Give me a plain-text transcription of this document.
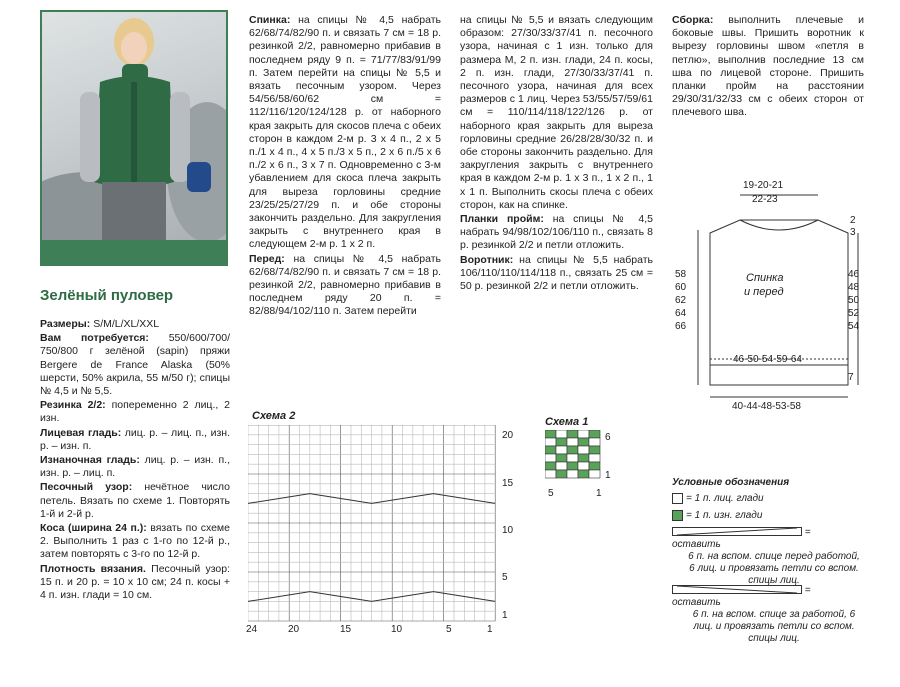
Зелёный пуловер

Размеры: S/M/L/XL/XXL

Вам потребуется: 550/600/700/ 750/800 г зелёной (sapin) пряжи Bergere de France Alaska (50% шерсти, 50% акрила, 55 м/50 г); спицы № 4,5 и № 5,5.

Резинка 2/2: попеременно 2 лиц., 2 изн.

Лицевая гладь: лиц. р. – лиц. п., изн. р. – изн. п.

Изнаночная гладь: лиц. р. – изн. п., изн. р. – лиц. п.

Песочный узор: нечётное число петель. Вязать по схеме 1. Повторять 1-й и 2-й р.

Коса (ширина 24 п.): вязать по схеме 2. Выполнить 1 раз с 1-го по 12-й р., затем повторять с 3-го по 12-й р.

Плотность вязания. Песочный узор: 15 п. и 20 р. = 10 х 10 см; 24 п. косы + 4 п. изн. глади = 10 см.

Спинка: на спицы № 4,5 набрать 62/68/74/82/90 п. и связать 7 см = 18 р. резинкой 2/2, равномерно прибавив в последнем ряду 9 п. = 71/77/83/91/99 п. Затем перейти на спицы № 5,5 и вязать песочным узором. Через 54/56/58/60/62 см = 112/116/120/124/128 р. от наборного края закрыть для скосов плеча с обеих сторон в каждом 2-м р. 3 х 4 п., 2 х 5 п./1 х 4 п., 4 х 5 п./3 х 5 п., 2 х 6 п./5 х 6 п./2 х 6 п., 3 х 7 п. Одновременно с 3-м убавлением для скоса плеча закрыть для выреза горловины средние 23/25/25/27/29 п. и обе стороны закончить раздельно. Для закругления закрыть с внутреннего края в следующем 2-м р. 1 х 2 п.

Перед: на спицы № 4,5 набрать 62/68/74/82/90 п. и связать 7 см = 18 р. резинкой 2/2, равномерно прибавив в последнем ряду 20 п. = 82/88/94/102/110 п. Затем перейти

на спицы № 5,5 и вязать следующим образом: 27/30/33/37/41 п. песочного узора, начиная с 1 изн. только для размера M, 2 п. изн. глади, 24 п. косы, 2 п. изн. глади, 27/30/33/37/41 п. песочного узора, начиная для всех размеров с 1 лиц. Через 53/55/57/59/61 см = 110/114/118/122/126 р. от наборного края закрыть для выреза горловины средние 26/28/28/30/32 п. и обе стороны закончить раздельно. Для закругления закрыть с внутреннего края в каждом 2-м р. 1 х 3 п., 1 х 2 п., 1 х 1 п. Выполнить скосы плеча с обеих сторон, как на спинке.

Планки пройм: на спицы № 4,5 набрать 94/98/102/106/110 п., связать 8 р. резинкой 2/2 и петли отложить.

Воротник: на спицы № 5,5 набрать 106/110/110/114/118 п., связать 25 см = 50 р. резинкой 2/2 и петли отложить.

Сборка: выполнить плечевые и боковые швы. Пришить воротник к вырезу горловины швом «петля в петлю», выполнив последние 13 см шва по лицевой стороне. Пришить планки пройм на расстоянии 29/30/31/32/33 см с обеих сторон от плечевого шва.

19-20-21
22-23
2
3
Спинка
и перед
58
60
62
64
66
46
48
50
52
54
7
46-50-54-59-64
40-44-48-53-58
Схема 2
24	20	15	10	5	1
20
15
10
5
1
Схема 1
6
1
5	1
Условные обозначения
= 1 п. лиц. глади
= 1 п. изн. глади
= оставить
6 п. на вспом. спице перед работой, 6 лиц. и провязать петли со вспом. спицы лиц.
= оставить
6 п. на вспом. спице за работой, 6 лиц. и провязать петли со вспом. спицы лиц.
